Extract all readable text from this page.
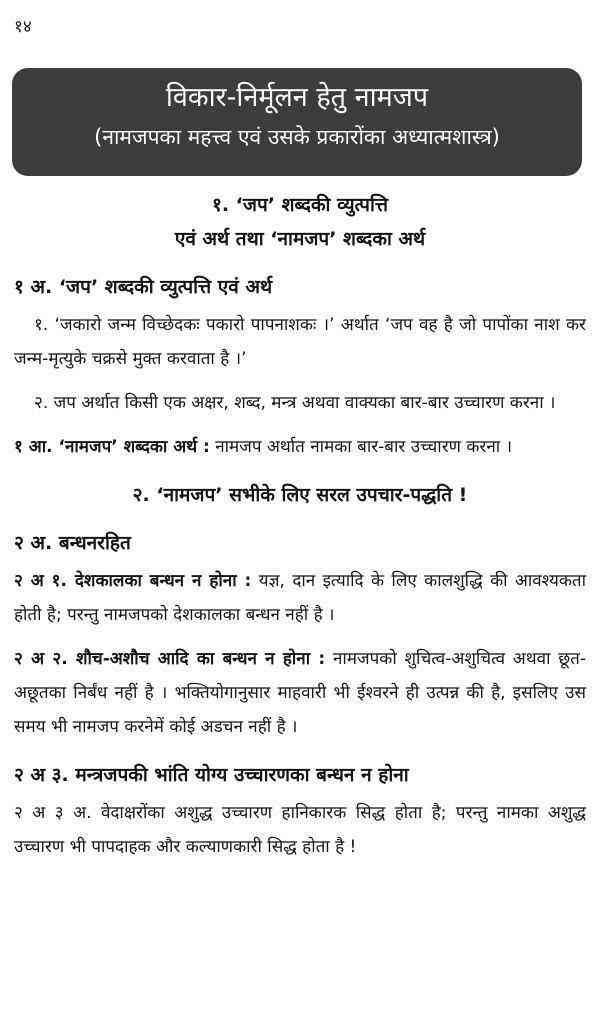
१४
विकार-निर्मूलन हेतु नामजप
(नामजपका महत्त्व एवं उसके प्रकारोंका अध्यात्मशास्त्र)

१. ‘जप’ शब्दकी व्युत्पत्ति

एवं अर्थ तथा ‘नामजप’ शब्दका अर्थ

१ अ. ‘जप’ शब्दकी व्युत्पत्ति एवं अर्थ

१. ‘जकारो जन्म विच्छेदकः पकारो पापनाशकः ।’ अर्थात ‘जप वह है जो पापोंका नाश कर जन्म-मृत्युके चक्रसे मुक्त करवाता है ।’

२. जप अर्थात किसी एक अक्षर, शब्द, मन्त्र अथवा वाक्यका बार-बार उच्चारण करना ।

१ आ. ‘नामजप’ शब्दका अर्थ : नामजप अर्थात नामका बार-बार उच्चारण करना ।

२. ‘नामजप’ सभीके लिए सरल उपचार-पद्धति !

२ अ. बन्धनरहित

२ अ १. देशकालका बन्धन न होना : यज्ञ, दान इत्यादि के लिए कालशुद्धि की आवश्यकता होती है; परन्तु नामजपको देशकालका बन्धन नहीं है ।

२ अ २. शौच-अशौच आदि का बन्धन न होना : नामजपको शुचित्व-अशुचित्व अथवा छूत-अछूतका निर्बंध नहीं है । भक्तियोगानुसार माहवारी भी ईश्वरने ही उत्पन्न की है, इसलिए उस समय भी नामजप करनेमें कोई अडचन नहीं है ।

२ अ ३. मन्त्रजपकी भांति योग्य उच्चारणका बन्धन न होना

२ अ ३ अ. वेदाक्षरोंका अशुद्ध उच्चारण हानिकारक सिद्ध होता है; परन्तु नामका अशुद्ध उच्चारण भी पापदाहक और कल्याणकारी सिद्ध होता है !
